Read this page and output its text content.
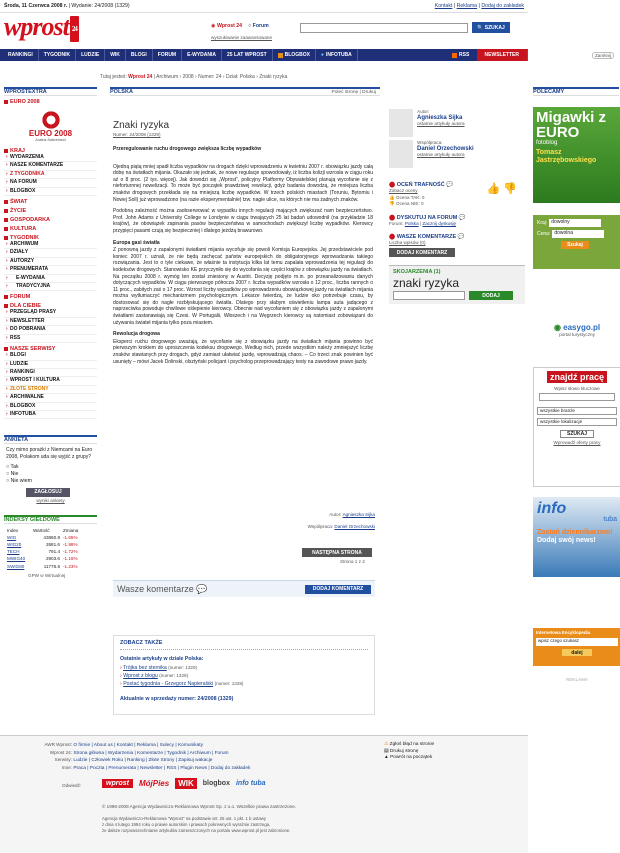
Środa, 11 Czerwca 2008 r. | Wydanie: 24/2008 (1329)	Kontakt | Reklama | Dodaj do zakładek
wprost 24	◉ Wprost 24 ○ Forum	🔍
SZUKAJ
wyszukiwanie zaawansowane
RANKINGI	TYGODNIK	LUDZIE	WIK	BLOGI	FORUM	E-WYDANIA	25 LAT WPROST	BLOGBOX ● INFOTUBA	NEWSLETTER
RSS
Tutaj jesteś: Wprost 24 | Archiwum › 2008 › Numer: 24 › Dział: Polska › Znaki ryzyka
WPROSTEXTRA
EURO 2008
EURO 2008
Austria-Switzerland
KRAJ
› WYDARZENIA
› NASZE KOMENTARZE
› Z TYGODNIKA
› NA FORUM
› BLOGBOX
ŚWIAT
ŻYCIE
GOSPODARKA
KULTURA
TYGODNIK
› ARCHIWUM
› DZIAŁY
› AUTORZY
› PRENUMERATA
› E-WYDANIA
› TRADYCYJNA
FORUM
DLA CIEBIE
› PRZEGLĄD PRASY
› NEWSLETTER
› DO POBRANIA
› RSS
NASZE SERWISY
› BLOGI
› LUDZIE
› RANKINGI
› WPROST I KULTURA
› ZŁOTE STRONY
› ARCHIWALNE
› BLOGBOX
› INFOTUBA
ANKIETA
Czy mimo porażki z Niemcami na Euro 2008, Polakom uda się wyjść z grupy?
○ Tak
○ Nie
○ Nie wiem
ZAGŁOSUJ
wyniki ankiety
INDEKSY GIEŁDOWE
Index	Wartość	Zmiana
WIG	43860.8 -1.65%
WIG20	2681.6 -1.98%
TECH	791.4 -1.72%
MWIG40	2903.6 -1.16%
SWIG80	11776.6 -1.23%
GPW w Wirtualnej
POLSKA	Poleć stronę | Drukuj
Znaki ryzyka
Numer: 24/2008 (1329)

Przeregulowanie ruchu drogowego zwiększa liczbę wypadków

Ojedną piątą mniej spadł liczba wypadków na drogach dzięki wprowadzeniu w kwietniu 2007 r. obowiązku jazdy całą dobę na światłach mijania. Okazało się jednak, że nowe regulacje spowodowały, iż liczba kolizji wzrosła w ciągu roku aż o 8 proc. (2 tys. więcej). Jak dowodzi się „Wprost”, policyjny Platformy Obywatelskiej planują wycofanie się z nieforturnnej nowelizacji. To może być początek prawdziwej rewolucji, gdyż badania dowodzą, że mniejsza liczba znaków drogowych przekłada się na mniejszą liczbę wypadków. W trzech polskich miastach (Toruniu, Bytomiu i Nowej Soli) już wprowadzono (na razie eksperymentalnie) tzw. nagie ulice, na których nie ma żadnych znaków.

Podobną zależność można zaobserwować w wypadku innych regulacji mających zwiększać nam bezpieczeństwo. Prof. John Adams z University College w Londynie w ciągu trwających 25 lat badań udowodnił (na przykładzie 18 krajów), że obowiązek zapinania pasów bezpieczeństwa w samochodach zwiększył liczbę wypadków. Kierowcy przypięci pasami czują się bezpieczniej i dlatego jeżdżą brawurowo.

Europa gasi światła

Z ponowną jazdy z zapalonymi światłami mijania wycofuje się powoli Komisja Europejska. Jej przedstawiciele pod koniec 2007 r. uznali, że nie będą zachęcać państw europejskich do obligatoryjnego wprowadzania takiego rozwiązania. Jest to o tyle ciekawe, że właśnie ta instytucja kilka lat temu zapalała wprowadzenia tej regulacji do kodeksów drogowych. Stanowisko KE przyczyniło się do wycofania się części krajów z obowiązku jazdy na światłach. Na początku 2008 r. wymóg ten został zniesiony w Austrii. Decyzję podjęto m.in. po przeanalizowaniu danych dotyczących wypadków. W ciągu pierwszego półrocza 2007 r. liczba wypadków wzrosła o 12 proc., liczba rannych o 11 proc., zabitych zaś o 17 proc. Wzrost liczby wypadków po wprowadzeniu obowiązkowej jazdy na światłach mijania można wytłumaczyć mechanizmem psychologicznym. Lekarze twierdzą, że ludzie oko potrzebuje czasu, by dostosować się do nagłe rozbłyskującego światła. Dlatego przy słabym oświetleniu lampa auta jadącego z naprzeciwka powoduje chwilowe oślepienie kierowcy. Obecnie nad wycofaniem się z obowiązku jazdy z zapalonymi światłami zastanawiają się Czesi. W Portugalii, Włoszech i na Węgrzech kierowcy są natomiast zobowiązani do używania świateł mijania tylko poza miastem.

Rewolucja drogowa

Eksperci ruchu drogowego uważają, że wycofanie się z obowiązku jazdy na światłach mijania powinno być pierwszym krokiem do uproszczenia kodeksu drogowego. Według nich, przede wszystkim należy zmniejszyć liczbę znaków stawianych przy drogach, gdyż zamiast ułatwiać jazdę, wprowadzają chaos. – Co trzeci znak powinien być usunięty – mówi Jacek Dolinski, olsztyński policjant i psycholog przeprowadzający testy na zawodowe prawo jazdy.

Autor: Agnieszka Sijka
Współpraca: Daniel Orzechowski
NASTĘPNA STRONA
Strona 1 z 2
Wasze komentarze 💬	DODAJ KOMENTARZ
ZOBACZ TAKŻE
Ostatnie artykuły w dziale Polska:
› Trójka bez sternika (numer: 1329)
› Wprost z blogu (numer: 1329)
› Postać tygodnia - Grzegorz Napieralski (numer: 1329)
Aktualnie w sprzedaży numer: 24/2008 (1329)
Autor:
Agnieszka Sijka
ostatnie artykuły autora
Współpraca:
Daniel Orzechowski
ostatnie artykuły autora
⬤ OCEŃ TRAFNOŚĆ 💬
Zobacz oceny
👍 Ocena TAK: 0
👎 Ocena NIE: 0
👍 👎
⬤ DYSKUTUJ NA FORUM 💬
Forum: Polska | Zacznij dyskusję
⬤ WASZE KOMENTARZE 💬
Liczba wpisów (0)
DODAJ KOMENTARZ
SKOJARZENIA (1)
znaki ryzyka
DODAJ
Zamknij
POLECAMY
Migawki z EURO
fotoblog
Tomasz Jastrzębowskiego
Kraj: dowolny
Cena: dowolna
Szukaj
◉ easygo.pl
portal turystyczny
znajdź pracę
Wpisz słowo kluczowe
wszystkie branże
wszystkie lokalizacje
SZUKAJ
Wprowadź oferty pracy
info
tuba
Zostań dziennikarzem!
Dodaj swój news!
Internetowa Encyklopedia
wpisz czego szukasz
dalej
REKLAMA
AWR Wprost: O firmie | About us | Kontakt | Reklama | Sulecy | Komunikaty
Wprost 24: Strona główna | Wydarzenia | Komentarze | Tygodnik | Archiwum | Forum
Serwisy: Ludzie | Człowiek Roku | Ranking | Złote Strony | Zapisuj wakacje
Inne: Praca | Poczta | Prenumerata | Newsletter | RSS | Plugin News | Dodaj do zakładek
⚠ Zgłoś błąd na stronie
▤ Drukuj stronę
▲ Powrót na początek
Odwiedź:	wprost	MójPies	WIK	blogbox info tuba
© 1996-2008 Agencja Wydawniczo-Reklamowa Wprost Sp. z o.o. Wszelkie prawa zastrzeżone.
Agencja Wydawniczo-Reklamowa "Wprost" na podstawie art. 25 ust. 1 pkt. 1 b ustawy
z dnia 4 lutego 1994 roku o prawie autorskim i prawach pokrewnych wyraźnie zastrzega,
że dalsze rozpowszechnianie artykułów zamieszczonych na portalu www.wprost.pl jest zabronione.
